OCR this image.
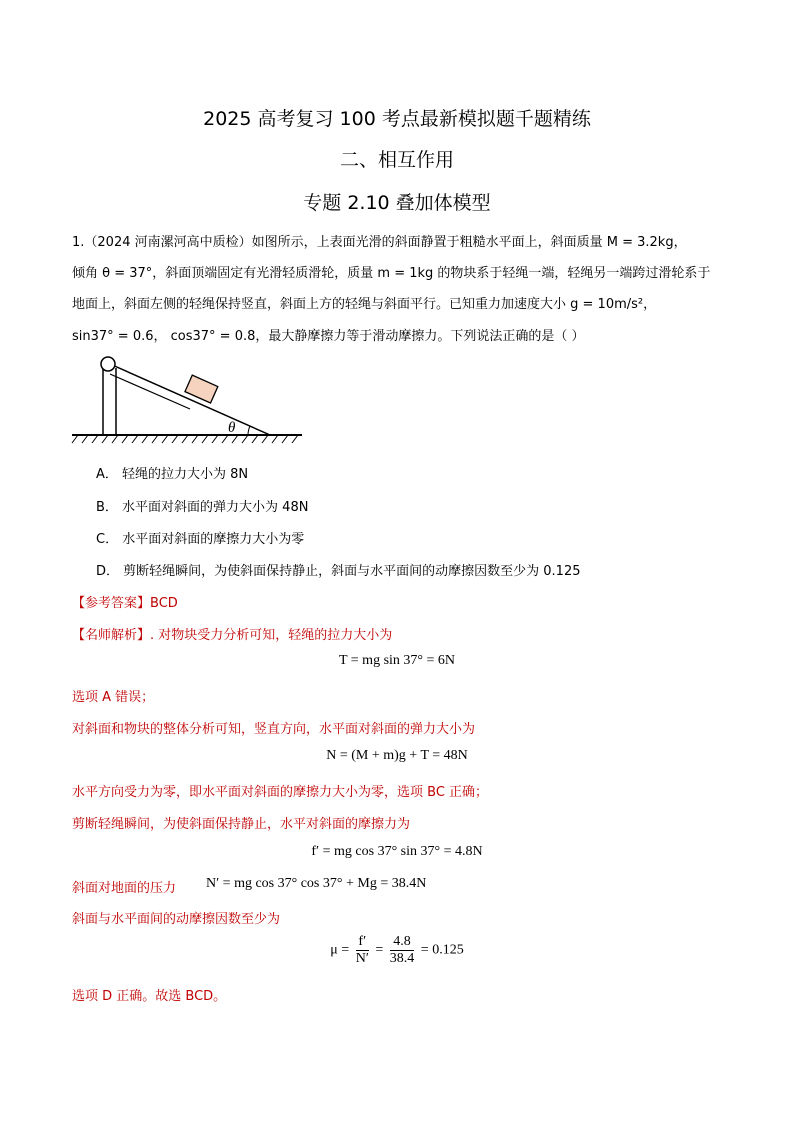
2025 高考复习 100 考点最新模拟题千题精练
二、相互作用
专题 2.10 叠加体模型
1.（2024 河南漯河高中质检）如图所示，上表面光滑的斜面静置于粗糙水平面上，斜面质量 M = 3.2kg，
倾角 θ = 37°，斜面顶端固定有光滑轻质滑轮，质量 m = 1kg 的物块系于轻绳一端，轻绳另一端跨过滑轮系于
地面上，斜面左侧的轻绳保持竖直，斜面上方的轻绳与斜面平行。已知重力加速度大小 g = 10m/s²，
sin37° = 0.6， cos37° = 0.8，最大静摩擦力等于滑动摩擦力。下列说法正确的是（ ）
θ
A． 轻绳的拉力大小为 8N
B． 水平面对斜面的弹力大小为 48N
C． 水平面对斜面的摩擦力大小为零
D． 剪断轻绳瞬间，为使斜面保持静止，斜面与水平面间的动摩擦因数至少为 0.125
【参考答案】BCD
【名师解析】. 对物块受力分析可知，轻绳的拉力大小为
T = mg sin 37° = 6N
选项 A 错误；
对斜面和物块的整体分析可知，竖直方向，水平面对斜面的弹力大小为
N = (M + m)g + T = 48N
水平方向受力为零，即水平面对斜面的摩擦力大小为零，选项 BC 正确；
剪断轻绳瞬间，为使斜面保持静止，水平对斜面的摩擦力为
f′ = mg cos 37° sin 37° = 4.8N
斜面对地面的压力 N′ = mg cos 37° cos 37° + Mg = 38.4N
斜面与水平面间的动摩擦因数至少为
$\mu = \frac{f'}{N'} = \frac{4.8}{38.4} = 0.125$
选项 D 正确。故选 BCD。
